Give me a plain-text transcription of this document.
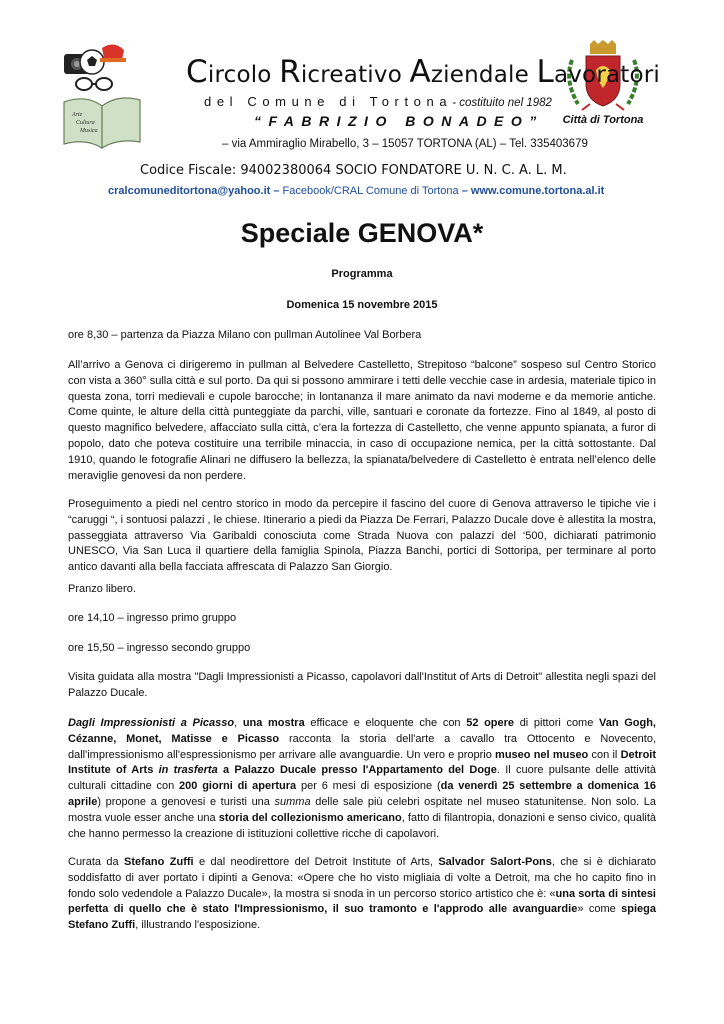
Arte
Cultura
Musica
Città di Tortona
Circolo Ricreativo Aziendale Lavoratori
del Comune di Tortona- costituito nel 1982
“FABRIZIO BONADEO”
– via Ammiraglio Mirabello, 3 – 15057 TORTONA (AL) – Tel. 335403679
Codice Fiscale: 94002380064 SOCIO FONDATORE U. N. C. A. L. M.
cralcomuneditortona@yahoo.it – Facebook/CRAL Comune di Tortona – www.comune.tortona.al.it
Speciale GENOVA*
Programma
Domenica 15 novembre 2015
ore 8,30 – partenza da Piazza Milano con pullman Autolinee Val Borbera
All’arrivo a Genova ci dirigeremo in pullman al Belvedere Castelletto, Strepitoso “balcone” sospeso sul Centro Storico con vista a 360° sulla città e sul porto. Da qui si possono ammirare i tetti delle vecchie case in ardesia, materiale tipico in questa zona, torri medievali e cupole barocche; in lontananza il mare animato da navi moderne e da memorie antiche. Come quinte, le alture della città punteggiate da parchi, ville, santuari e coronate da fortezze. Fino al 1849, al posto di questo magnifico belvedere, affacciato sulla città, c’era la fortezza di Castelletto, che venne appunto spianata, a furor di popolo, dato che poteva costituire una terribile minaccia, in caso di occupazione nemica, per la città sottostante. Dal 1910, quando le fotografie Alinari ne diffusero la bellezza, la spianata/belvedere di Castelletto è entrata nell’elenco delle meraviglie genovesi da non perdere.
Proseguimento a piedi nel centro storico in modo da percepire il fascino del cuore di Genova attraverso le tipiche vie i “caruggi “, i sontuosi palazzi , le chiese. Itinerario a piedi da Piazza De Ferrari, Palazzo Ducale dove è allestita la mostra, passeggiata attraverso Via Garibaldi conosciuta come Strada Nuova con palazzi del ‘500, dichiarati patrimonio UNESCO, Via San Luca il quartiere della famiglia Spinola, Piazza Banchi, portici di Sottoripa, per terminare al porto antico davanti alla bella facciata affrescata di Palazzo San Giorgio.
Pranzo libero.
ore 14,10 – ingresso primo gruppo
ore 15,50 – ingresso secondo gruppo
Visita guidata alla mostra "Dagli Impressionisti a Picasso, capolavori dall'Institut of Arts di Detroit" allestita negli spazi del Palazzo Ducale.
Dagli Impressionisti a Picasso, una mostra efficace e eloquente che con 52 opere di pittori come Van Gogh, Cézanne, Monet, Matisse e Picasso racconta la storia dell'arte a cavallo tra Ottocento e Novecento, dall'impressionismo all'espressionismo per arrivare alle avanguardie. Un vero e proprio museo nel museo con il Detroit Institute of Arts in trasferta a Palazzo Ducale presso l'Appartamento del Doge. Il cuore pulsante delle attività culturali cittadine con 200 giorni di apertura per 6 mesi di esposizione (da venerdì 25 settembre a domenica 16 aprile) propone a genovesi e turisti una summa delle sale più celebri ospitate nel museo statunitense. Non solo. La mostra vuole esser anche una storia del collezionismo americano, fatto di filantropia, donazioni e senso civico, qualità che hanno permesso la creazione di istituzioni collettive ricche di capolavori.
Curata da Stefano Zuffi e dal neodirettore del Detroit Institute of Arts, Salvador Salort-Pons, che si è dichiarato soddisfatto di aver portato i dipinti a Genova: «Opere che ho visto migliaia di volte a Detroit, ma che ho capito fino in fondo solo vedendole a Palazzo Ducale», la mostra si snoda in un percorso storico artistico che è: «una sorta di sintesi perfetta di quello che è stato l'Impressionismo, il suo tramonto e l'approdo alle avanguardie» come spiega Stefano Zuffi, illustrando l'esposizione.
